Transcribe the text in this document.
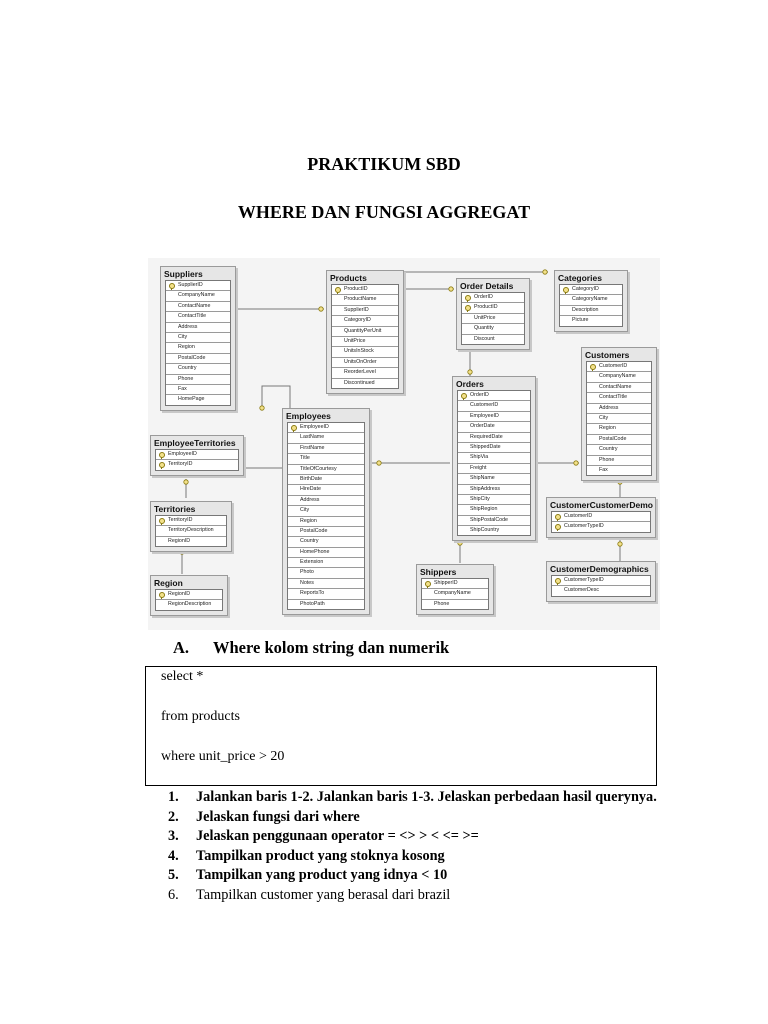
PRAKTIKUM SBD
WHERE DAN FUNGSI AGGREGAT
Suppliers
SupplierID
CompanyName
ContactName
ContactTitle
Address
City
Region
PostalCode
Country
Phone
Fax
HomePage
Products
ProductID
ProductName
SupplierID
CategoryID
QuantityPerUnit
UnitPrice
UnitsInStock
UnitsOnOrder
ReorderLevel
Discontinued
Order Details
OrderID
ProductID
UnitPrice
Quantity
Discount
Categories
CategoryID
CategoryName
Description
Picture
Customers
CustomerID
CompanyName
ContactName
ContactTitle
Address
City
Region
PostalCode
Country
Phone
Fax
Orders
OrderID
CustomerID
EmployeeID
OrderDate
RequiredDate
ShippedDate
ShipVia
Freight
ShipName
ShipAddress
ShipCity
ShipRegion
ShipPostalCode
ShipCountry
Employees
EmployeeID
LastName
FirstName
Title
TitleOfCourtesy
BirthDate
HireDate
Address
City
Region
PostalCode
Country
HomePhone
Extension
Photo
Notes
ReportsTo
PhotoPath
EmployeeTerritories
EmployeeID
TerritoryID
Territories
TerritoryID
TerritoryDescription
RegionID
Region
RegionID
RegionDescription
Shippers
ShipperID
CompanyName
Phone
CustomerCustomerDemo
CustomerID
CustomerTypeID
CustomerDemographics
CustomerTypeID
CustomerDesc
A. Where kolom string dan numerik
select *
from products
where unit_price > 20
1.	Jalankan baris 1-2. Jalankan baris 1-3. Jelaskan perbedaan hasil querynya.
2.	Jelaskan fungsi dari where
3.	Jelaskan penggunaan operator = <> > < <= >=
4.	Tampilkan product yang stoknya kosong
5.	Tampilkan yang product yang idnya < 10
6.	Tampilkan customer yang berasal dari brazil
